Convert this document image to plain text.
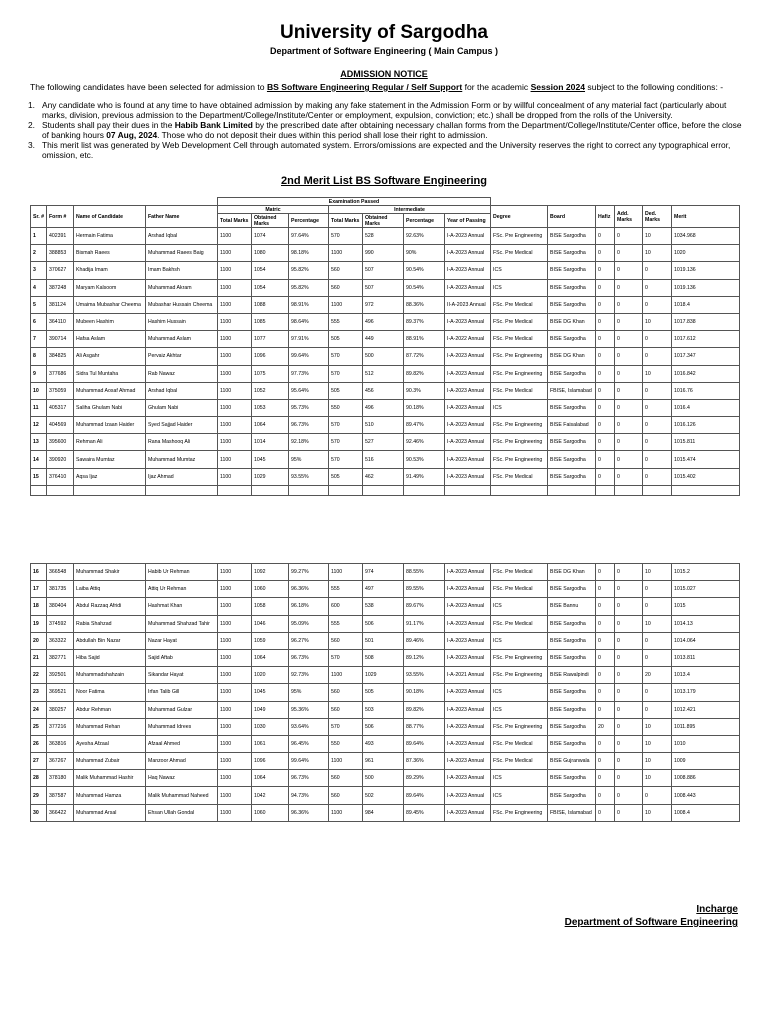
University of Sargodha
Department of Software Engineering ( Main Campus )
ADMISSION NOTICE
The following candidates have been selected for admission to BS Software Engineering Regular / Self Support for the academic Session 2024 subject to the following conditions: -
1. Any candidate who is found at any time to have obtained admission by making any fake statement in the Admission Form or by willful concealment of any material fact (particularly about marks, division, previous admission to the Department/College/Institute/Center or employment, expulsion, conviction; etc.) shall be dropped from the rolls of the University.
2. Students shall pay their dues in the Habib Bank Limited by the prescribed date after obtaining necessary challan forms from the Department/College/Institute/Center office, before the close of banking hours 07 Aug, 2024. Those who do not deposit their dues within this period shall lose their right to admission.
3. This merit list was generated by Web Development Cell through automated system. Errors/omissions are expected and the University reserves the right to correct any typographical error, omission, etc.
2nd Merit List BS Software Engineering
				Examination Passed												
Sr. #	Form #	Name of Candidate	Father Name	Matric			Intermediate				Degree	Board	Hafiz	Add. Marks	Ded. Marks	Merit
				Total Marks	Obtained Marks	Percentage	Total Marks	Obtained Marks	Percentage	Year of Passing						
1	402391	Hermain Fatima	Arshad Iqbal	1100	1074	97.64%	570	528	92.63%	I-A-2023 Annual	FSc. Pre Engineering	BISE Sargodha	0	0	10	1034.968
2	388853	Bismah Raees	Muhammad Raees Baig	1100	1080	98.18%	1100	990	90%	I-A-2023 Annual	FSc. Pre Medical	BISE Sargodha	0	0	10	1020
3	370627	Khadija Imam	Imam Bakhsh	1100	1054	95.82%	560	507	90.54%	I-A-2023 Annual	ICS	BISE Sargodha	0	0	0	1019.136
4	387248	Maryam Kalsoom	Muhammad Akram	1100	1054	95.82%	560	507	90.54%	I-A-2023 Annual	ICS	BISE Sargodha	0	0	0	1019.136
5	381124	Umaima Mubashar Cheema	Mubashar Hussain Cheema	1100	1088	98.91%	1100	972	88.36%	II-A-2023 Annual	FSc. Pre Medical	BISE Sargodha	0	0	0	1018.4
6	364110	Mubeen Hashim	Hashim Hussain	1100	1085	98.64%	555	496	89.37%	I-A-2023 Annual	FSc. Pre Medical	BISE DG Khan	0	0	10	1017.838
7	390714	Hafsa Aslam	Muhammad Aslam	1100	1077	97.91%	505	449	88.91%	I-A-2022 Annual	FSc. Pre Medical	BISE Sargodha	0	0	0	1017.612
8	384825	Ali Asgahr	Pervaiz Akhtar	1100	1096	99.64%	570	500	87.72%	I-A-2023 Annual	FSc. Pre Engineering	BISE DG Khan	0	0	0	1017.347
9	377686	Sidra Tul Muntaha	Rab Nawaz	1100	1075	97.73%	570	512	89.82%	I-A-2023 Annual	FSc. Pre Engineering	BISE Sargodha	0	0	10	1016.842
10	375059	Muhammad Aosaf Ahmad	Arshad Iqbal	1100	1052	95.64%	505	456	90.3%	I-A-2023 Annual	FSc. Pre Medical	FBISE, Islamabad	0	0	0	1016.76
11	405317	Saliha Ghulam Nabi	Ghulam Nabi	1100	1053	95.73%	550	496	90.18%	I-A-2023 Annual	ICS	BISE Sargodha	0	0	0	1016.4
12	404569	Muhammad Izaan Haider	Syed Sajjad Haider	1100	1064	96.73%	570	510	89.47%	I-A-2023 Annual	FSc. Pre Engineering	BISE Faisalabad	0	0	0	1016.126
13	395600	Rehman Ali	Rana Mashooq Ali	1100	1014	92.18%	570	527	92.46%	I-A-2023 Annual	FSc. Pre Engineering	BISE Sargodha	0	0	0	1015.811
14	390920	Sawaira Mumtaz	Muhammad Mumtaz	1100	1045	95%	570	516	90.53%	I-A-2023 Annual	FSc. Pre Engineering	BISE Sargodha	0	0	0	1015.474
15	376410	Aqsa Ijaz	Ijaz Ahmad	1100	1029	93.55%	505	462	91.49%	I-A-2023 Annual	FSc. Pre Medical	BISE Sargodha	0	0	0	1015.402

16	366548	Muhammad Shakir	Habib Ur Rehman	1100	1092	99.27%	1100	974	88.55%	I-A-2023 Annual	FSc. Pre Medical	BISE DG Khan	0	0	10	1015.2
17	381735	Laiba Attiq	Attiq Ur Rehman	1100	1060	96.36%	555	497	89.55%	I-A-2023 Annual	FSc. Pre Medical	BISE Sargodha	0	0	0	1015.027
18	380404	Abdul Razzaq Afridi	Hashmat Khan	1100	1058	96.18%	600	538	89.67%	I-A-2023 Annual	ICS	BISE Bannu	0	0	0	1015
19	374592	Rabia Shahzad	Muhammad Shahzad Tahir	1100	1046	95.09%	555	506	91.17%	I-A-2023 Annual	FSc. Pre Medical	BISE Sargodha	0	0	10	1014.13
20	363322	Abdullah Bin Nazar	Nazar Hayat	1100	1059	96.27%	560	501	89.46%	I-A-2023 Annual	ICS	BISE Sargodha	0	0	0	1014.064
21	382771	Hiba Sajid	Sajid Aftab	1100	1064	96.73%	570	508	89.12%	I-A-2023 Annual	FSc. Pre Engineering	BISE Sargodha	0	0	0	1013.811
22	392501	Muhammadshahzain	Sikandar Hayat	1100	1020	92.73%	1100	1029	93.55%	I-A-2021 Annual	FSc. Pre Engineering	BISE Rawalpindi	0	0	20	1013.4
23	369521	Noor Fatima	Irfan Talib Gill	1100	1045	95%	560	505	90.18%	I-A-2023 Annual	ICS	BISE Sargodha	0	0	0	1013.179
24	380257	Abdur Rehman	Muhammad Gulzar	1100	1049	95.36%	560	503	89.82%	I-A-2023 Annual	ICS	BISE Sargodha	0	0	0	1012.421
25	377216	Muhammad Rehan	Muhammad Idrees	1100	1030	93.64%	570	506	88.77%	I-A-2023 Annual	FSc. Pre Engineering	BISE Sargodha	20	0	10	1011.895
26	363816	Ayesha Afzaal	Afzaal Ahmed	1100	1061	96.45%	550	493	89.64%	I-A-2023 Annual	FSc. Pre Medical	BISE Sargodha	0	0	10	1010
27	367267	Muhammad Zubair	Manzoor Ahmad	1100	1096	99.64%	1100	961	87.36%	I-A-2023 Annual	FSc. Pre Medical	BISE Gujranwala	0	0	10	1009
28	378180	Malik Muhammad Hashir	Haq Nawaz	1100	1064	96.73%	560	500	89.29%	I-A-2023 Annual	ICS	BISE Sargodha	0	0	10	1008.886
29	387587	Muhammad Hamza	Malik Muhammad Naheed	1100	1042	94.73%	560	502	89.64%	I-A-2023 Annual	ICS	BISE Sargodha	0	0	0	1008.443
30	366422	Muhammad Arsal	Ehsan Ullah Gondal	1100	1060	96.36%	1100	984	89.45%	I-A-2023 Annual	FSc. Pre Engineering	FBISE, Islamabad	0	0	10	1008.4
Incharge
Department of Software Engineering
